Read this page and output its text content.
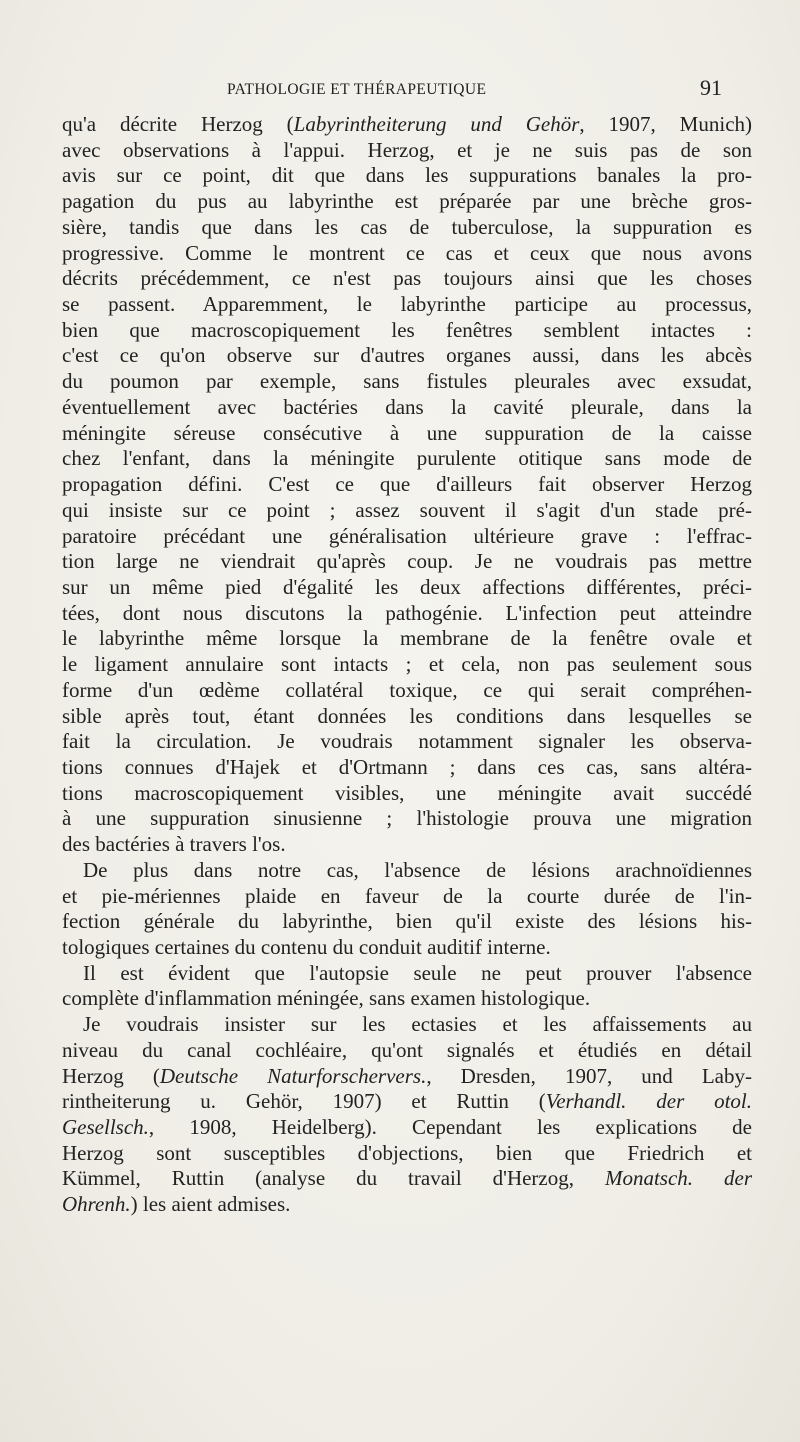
PATHOLOGIE ET THÉRAPEUTIQUE	91
qu'a décrite Herzog (Labyrintheiterung und Gehör, 1907, Munich)
avec observations à l'appui. Herzog, et je ne suis pas de son
avis sur ce point, dit que dans les suppurations banales la pro-
pagation du pus au labyrinthe est préparée par une brèche gros-
sière, tandis que dans les cas de tuberculose, la suppuration es
progressive. Comme le montrent ce cas et ceux que nous avons
décrits précédemment, ce n'est pas toujours ainsi que les choses
se passent. Apparemment, le labyrinthe participe au processus,
bien que macroscopiquement les fenêtres semblent intactes :
c'est ce qu'on observe sur d'autres organes aussi, dans les abcès
du poumon par exemple, sans fistules pleurales avec exsudat,
éventuellement avec bactéries dans la cavité pleurale, dans la
méningite séreuse consécutive à une suppuration de la caisse
chez l'enfant, dans la méningite purulente otitique sans mode de
propagation défini. C'est ce que d'ailleurs fait observer Herzog
qui insiste sur ce point ; assez souvent il s'agit d'un stade pré-
paratoire précédant une généralisation ultérieure grave : l'effrac-
tion large ne viendrait qu'après coup. Je ne voudrais pas mettre
sur un même pied d'égalité les deux affections différentes, préci-
tées, dont nous discutons la pathogénie. L'infection peut atteindre
le labyrinthe même lorsque la membrane de la fenêtre ovale et
le ligament annulaire sont intacts ; et cela, non pas seulement sous
forme d'un œdème collatéral toxique, ce qui serait compréhen-
sible après tout, étant données les conditions dans lesquelles se
fait la circulation. Je voudrais notamment signaler les observa-
tions connues d'Hajek et d'Ortmann ; dans ces cas, sans altéra-
tions macroscopiquement visibles, une méningite avait succédé
à une suppuration sinusienne ; l'histologie prouva une migration
des bactéries à travers l'os.
De plus dans notre cas, l'absence de lésions arachnoïdiennes
et pie-mériennes plaide en faveur de la courte durée de l'in-
fection générale du labyrinthe, bien qu'il existe des lésions his-
tologiques certaines du contenu du conduit auditif interne.
Il est évident que l'autopsie seule ne peut prouver l'absence
complète d'inflammation méningée, sans examen histologique.
Je voudrais insister sur les ectasies et les affaissements au
niveau du canal cochléaire, qu'ont signalés et étudiés en détail
Herzog (Deutsche Naturforschervers., Dresden, 1907, und Laby-
rintheiterung u. Gehör, 1907) et Ruttin (Verhandl. der otol.
Gesellsch., 1908, Heidelberg). Cependant les explications de
Herzog sont susceptibles d'objections, bien que Friedrich et
Kümmel, Ruttin (analyse du travail d'Herzog, Monatsch. der
Ohrenh.) les aient admises.
